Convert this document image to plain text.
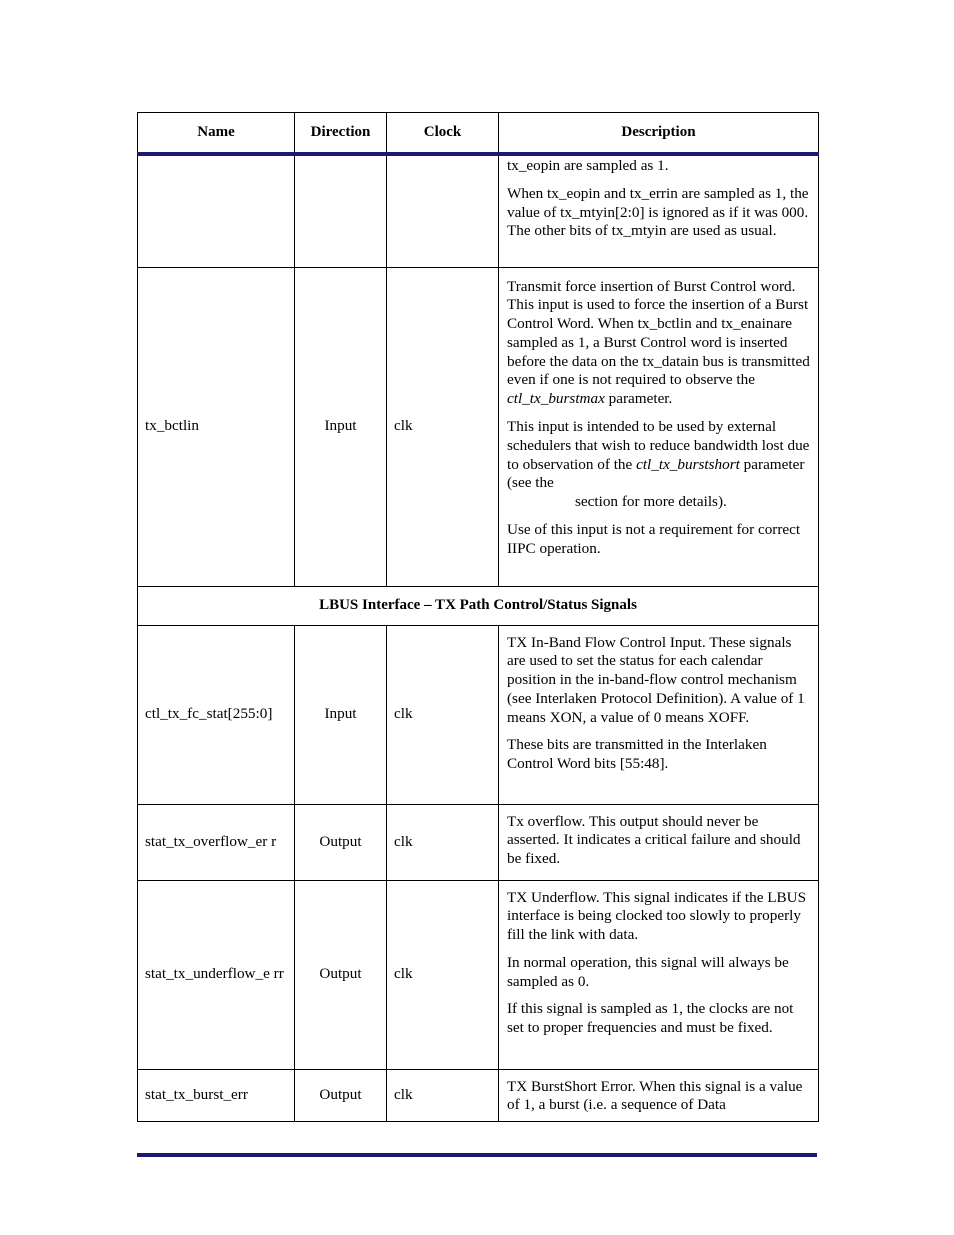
Name	Direction	Clock	Description

			tx_eopin are sampled as 1.

When tx_eopin and tx_errin are sampled as 1, the value of tx_mtyin[2:0] is ignored as if it was 000. The other bits of tx_mtyin are used as usual.

tx_bctlin	Input	clk	Transmit force insertion of Burst Control word. This input is used to force the insertion of a Burst Control Word. When tx_bctlin and tx_enainare sampled as 1, a Burst Control word is inserted before the data on the tx_datain bus is transmitted even if one is not required to observe the ctl_tx_burstmax parameter.

This input is intended to be used by external schedulers that wish to reduce bandwidth lost due to observation of the ctl_tx_burstshort parameter (see the
section for more details).

Use of this input is not a requirement for correct IIPC operation.

LBUS Interface – TX Path Control/Status Signals			
ctl_tx_fc_stat[255:0]	Input	clk	TX In-Band Flow Control Input. These signals are used to set the status for each calendar position in the in-band-flow control mechanism (see Interlaken Protocol Definition). A value of 1 means XON, a value of 0 means XOFF.

These bits are transmitted in the Interlaken Control Word bits [55:48].

stat_tx_overflow_er r	Output	clk	Tx overflow. This output should never be asserted. It indicates a critical failure and should be fixed.

stat_tx_underflow_e rr	Output	clk	TX Underflow. This signal indicates if the LBUS interface is being clocked too slowly to properly fill the link with data.

In normal operation, this signal will always be sampled as 0.

If this signal is sampled as 1, the clocks are not set to proper frequencies and must be fixed.

stat_tx_burst_err	Output	clk	TX BurstShort Error. When this signal is a value of 1, a burst (i.e. a sequence of Data
